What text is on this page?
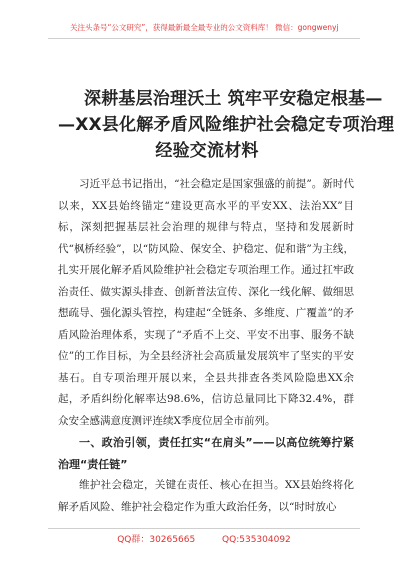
关注头条号“公文研究”，获得最新最全最专业的公文资料库！ 微信：gongwenyj
深耕基层治理沃土 筑牢平安稳定根基—
—XX县化解矛盾风险维护社会稳定专项治理
经验交流材料

习近平总书记指出，“社会稳定是国家强盛的前提”。新时代以来，XX县始终锚定“建设更高水平的平安XX、法治XX”目标，深刻把握基层社会治理的规律与特点，坚持和发展新时代“枫桥经验”，以“防风险、保安全、护稳定、促和谐”为主线，扎实开展化解矛盾风险维护社会稳定专项治理工作。通过扛牢政治责任、做实源头排查、创新普法宣传、深化一线化解、做细思想疏导、强化源头管控，构建起“全链条、多维度、广覆盖”的矛盾风险治理体系，实现了“矛盾不上交、平安不出事、服务不缺位”的工作目标，为全县经济社会高质量发展筑牢了坚实的平安基石。自专项治理开展以来，全县共排查各类风险隐患XX余起，矛盾纠纷化解率达98.6%，信访总量同比下降32.4%，群众安全感满意度测评连续X季度位居全市前列。

一、政治引领，责任扛实“在肩头”——以高位统筹拧紧治理“责任链”

维护社会稳定，关键在责任、核心在担当。XX县始终将化解矛盾风险、维护社会稳定作为重大政治任务，以“时时放心

QQ群：30265665	QQ:535304092
